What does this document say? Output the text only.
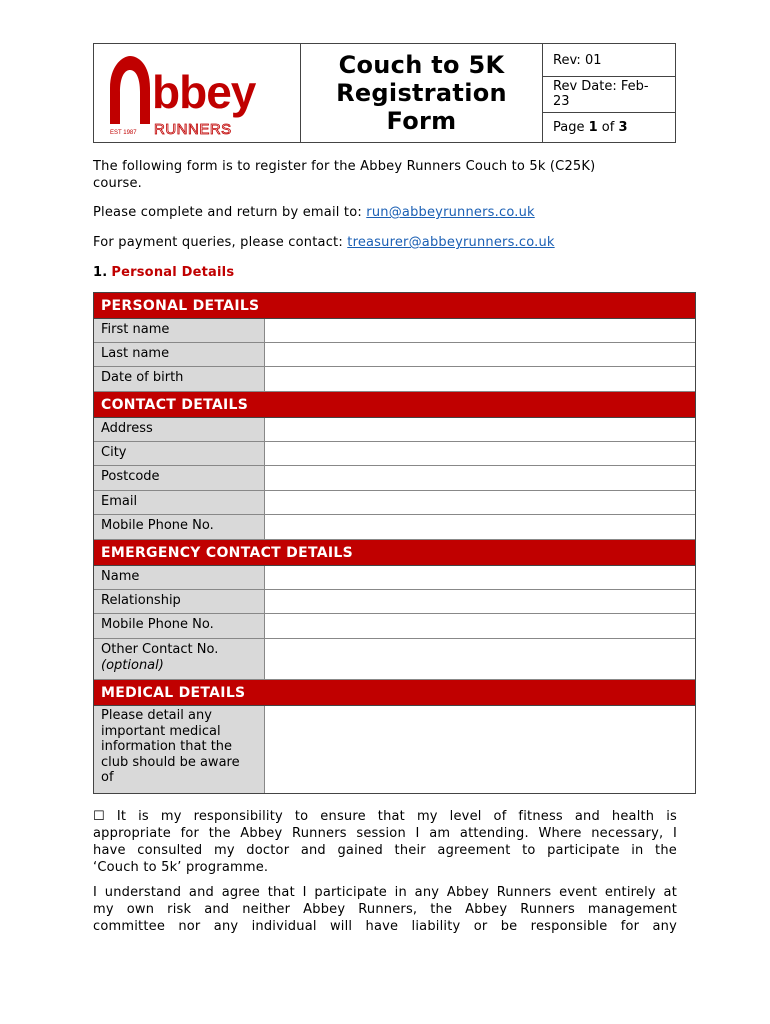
bbey
EST 1987 RUNNERS
Couch to 5K
Registration
Form
Rev: 01
Rev Date: Feb-
23
Page 1 of 3
The following form is to register for the Abbey Runners Couch to 5k (C25K)
course.
Please complete and return by email to: run@abbeyrunners.co.uk
For payment queries, please contact: treasurer@abbeyrunners.co.uk
1. Personal Details
PERSONAL DETAILS
First name
Last name
Date of birth
CONTACT DETAILS
Address
City
Postcode
Email
Mobile Phone No.
EMERGENCY CONTACT DETAILS
Name
Relationship
Mobile Phone No.
Other Contact No.
(optional)
MEDICAL DETAILS
Please detail any
important medical
information that the
club should be aware
of
☐ It is my responsibility to ensure that my level of fitness and health is
appropriate for the Abbey Runners session I am attending. Where necessary, I
have consulted my doctor and gained their agreement to participate in the
‘Couch to 5k’ programme.
I understand and agree that I participate in any Abbey Runners event entirely at
my own risk and neither Abbey Runners, the Abbey Runners management
committee nor any individual will have liability or be responsible for any
